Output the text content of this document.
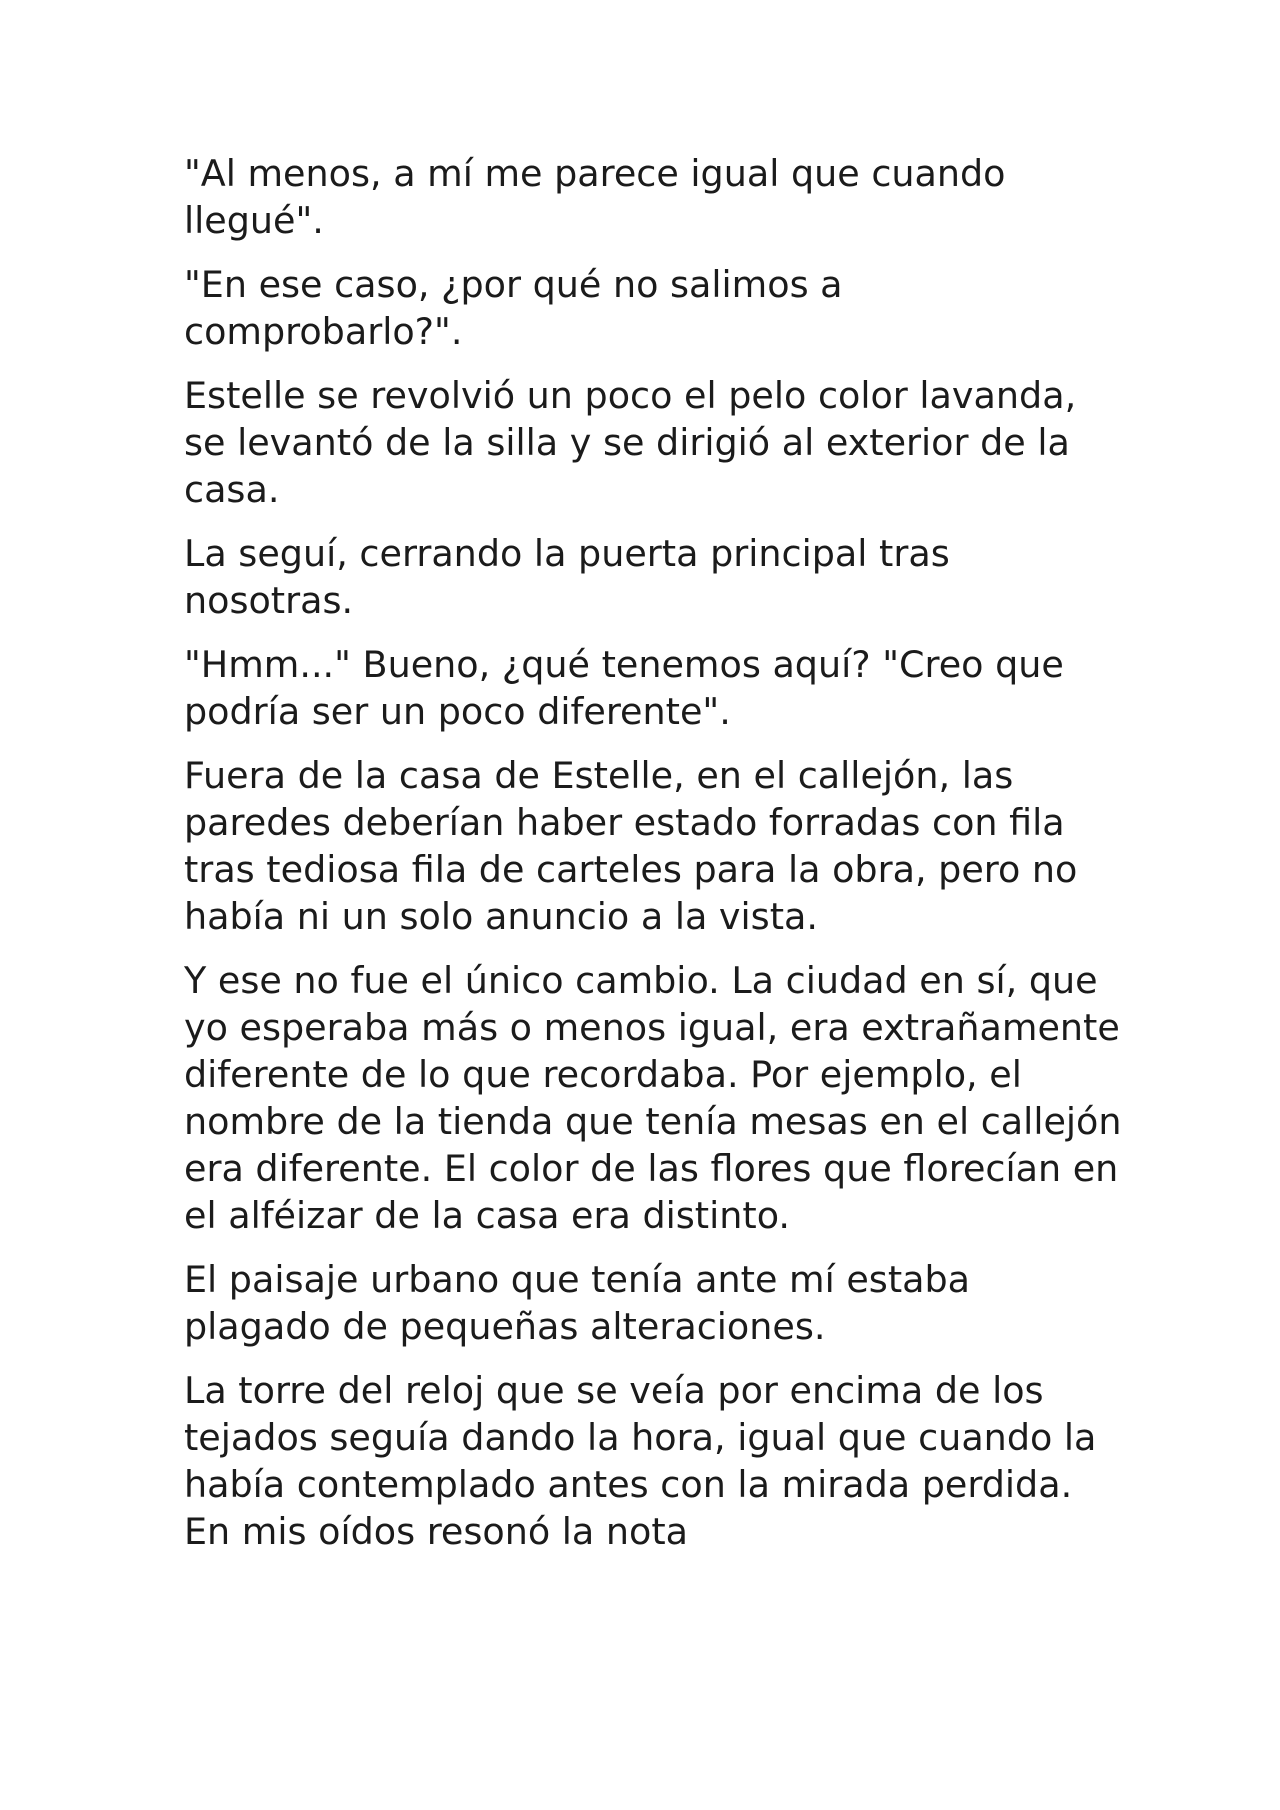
"Al menos, a mí me parece igual que cuando llegué".

"En ese caso, ¿por qué no salimos a comprobarlo?".

Estelle se revolvió un poco el pelo color lavanda, se levantó de la silla y se dirigió al exterior de la casa.

La seguí, cerrando la puerta principal tras nosotras.

"Hmm..." Bueno, ¿qué tenemos aquí? "Creo que podría ser un poco diferente".

Fuera de la casa de Estelle, en el callejón, las paredes deberían haber estado forradas con fila tras tediosa fila de carteles para la obra, pero no había ni un solo anuncio a la vista.

Y ese no fue el único cambio. La ciudad en sí, que yo esperaba más o menos igual, era extrañamente diferente de lo que recordaba. Por ejemplo, el nombre de la tienda que tenía mesas en el callejón era diferente. El color de las flores que florecían en el alféizar de la casa era distinto.

El paisaje urbano que tenía ante mí estaba plagado de pequeñas alteraciones.

La torre del reloj que se veía por encima de los tejados seguía dando la hora, igual que cuando la había contemplado antes con la mirada perdida. En mis oídos resonó la nota
